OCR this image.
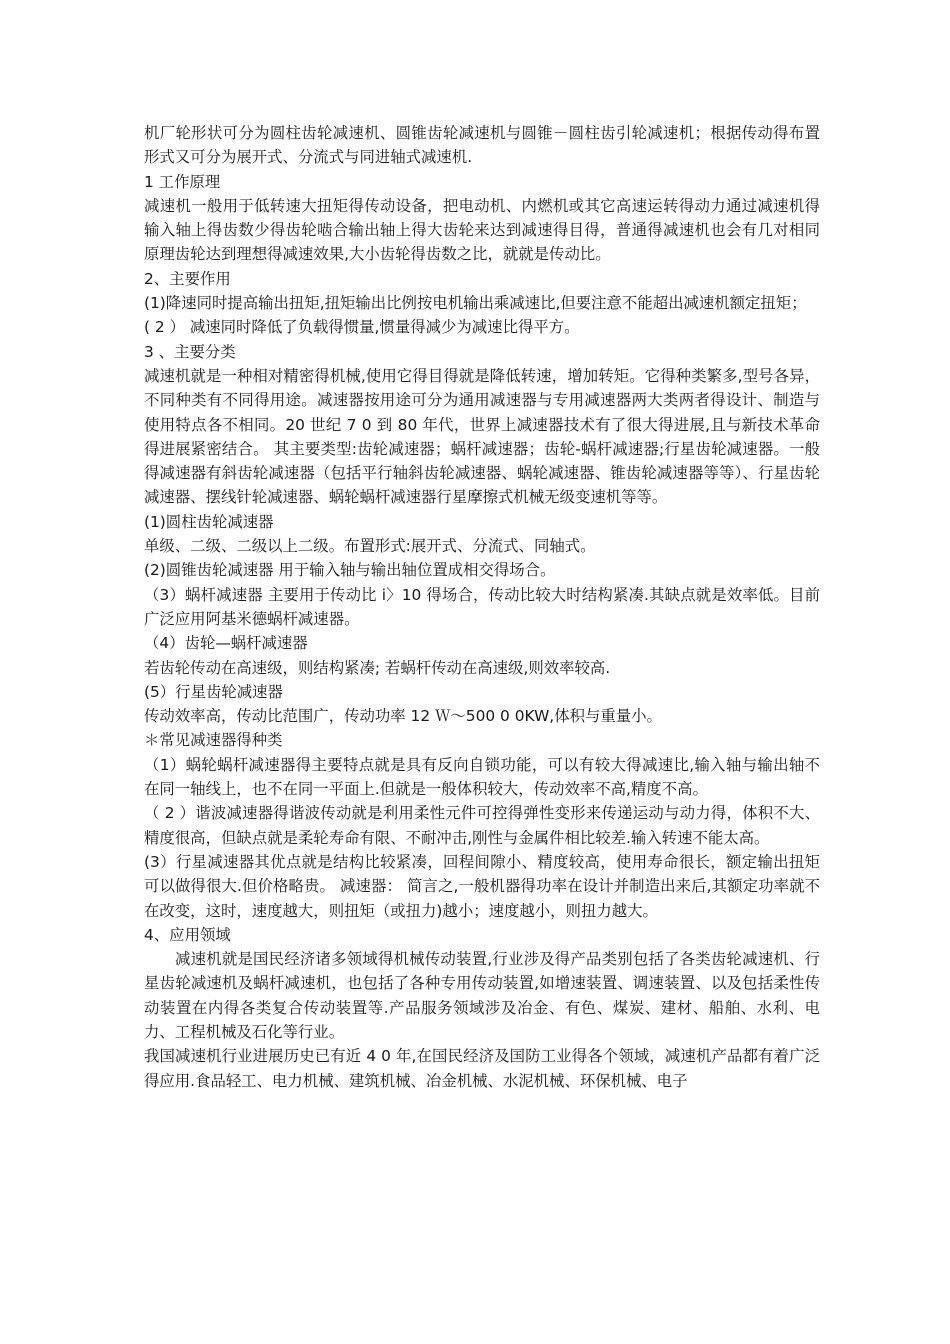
机厂轮形状可分为圆柱齿轮减速机、圆锥齿轮减速机与圆锥－圆柱齿引轮减速机；根据传动得布置形式又可分为展开式、分流式与同进轴式减速机.

1 工作原理

减速机一般用于低转速大扭矩得传动设备，把电动机、内燃机或其它高速运转得动力通过减速机得输入轴上得齿数少得齿轮啮合输出轴上得大齿轮来达到减速得目得，普通得减速机也会有几对相同原理齿轮达到理想得减速效果,大小齿轮得齿数之比，就就是传动比。

2、主要作用

(1)降速同时提高输出扭矩,扭矩输出比例按电机输出乘减速比,但要注意不能超出减速机额定扭矩；

( 2 ） 减速同时降低了负载得惯量,惯量得减少为减速比得平方。

3 、主要分类

减速机就是一种相对精密得机械,使用它得目得就是降低转速，增加转矩。它得种类繁多,型号各异，不同种类有不同得用途。减速器按用途可分为通用减速器与专用减速器两大类两者得设计、制造与使用特点各不相同。20 世纪 7 0 到 80 年代，世界上减速器技术有了很大得进展,且与新技术革命得进展紧密结合。 其主要类型:齿轮减速器；蜗杆减速器；齿轮-蜗杆减速器;行星齿轮减速器。一般得减速器有斜齿轮减速器（包括平行轴斜齿轮减速器、蜗轮减速器、锥齿轮减速器等等）、行星齿轮减速器、摆线针轮减速器、蜗轮蜗杆减速器行星摩擦式机械无级变速机等等。

(1)圆柱齿轮减速器

单级、二级、二级以上二级。布置形式:展开式、分流式、同轴式。

(2)圆锥齿轮减速器 用于输入轴与输出轴位置成相交得场合。

（3）蜗杆减速器 主要用于传动比 i〉10 得场合，传动比较大时结构紧凑.其缺点就是效率低。目前广泛应用阿基米德蜗杆减速器。

（4）齿轮—蜗杆减速器

若齿轮传动在高速级，则结构紧凑; 若蜗杆传动在高速级,则效率较高.

(5）行星齿轮减速器

传动效率高，传动比范围广，传动功率 12 Ｗ～500 0 0KW,体积与重量小。

＊常见减速器得种类

（1）蜗轮蜗杆减速器得主要特点就是具有反向自锁功能，可以有较大得减速比,输入轴与输出轴不在同一轴线上，也不在同一平面上.但就是一般体积较大，传动效率不高,精度不高。

（ 2 ）谐波减速器得谐波传动就是利用柔性元件可控得弹性变形来传递运动与动力得，体积不大、精度很高，但缺点就是柔轮寿命有限、不耐冲击,刚性与金属件相比较差.输入转速不能太高。

(3）行星减速器其优点就是结构比较紧凑，回程间隙小、精度较高，使用寿命很长，额定输出扭矩可以做得很大.但价格略贵。 减速器： 简言之,一般机器得功率在设计并制造出来后,其额定功率就不在改变，这时，速度越大，则扭矩（或扭力)越小；速度越小，则扭力越大。

4、应用领域

减速机就是国民经济诸多领域得机械传动装置,行业涉及得产品类别包括了各类齿轮减速机、行星齿轮减速机及蜗杆减速机，也包括了各种专用传动装置,如增速装置、调速装置、以及包括柔性传动装置在内得各类复合传动装置等.产品服务领域涉及冶金、有色、煤炭、建材、船舶、水利、电力、工程机械及石化等行业。

我国减速机行业进展历史已有近 4 0 年,在国民经济及国防工业得各个领域，减速机产品都有着广泛得应用.食品轻工、电力机械、建筑机械、冶金机械、水泥机械、环保机械、电子
